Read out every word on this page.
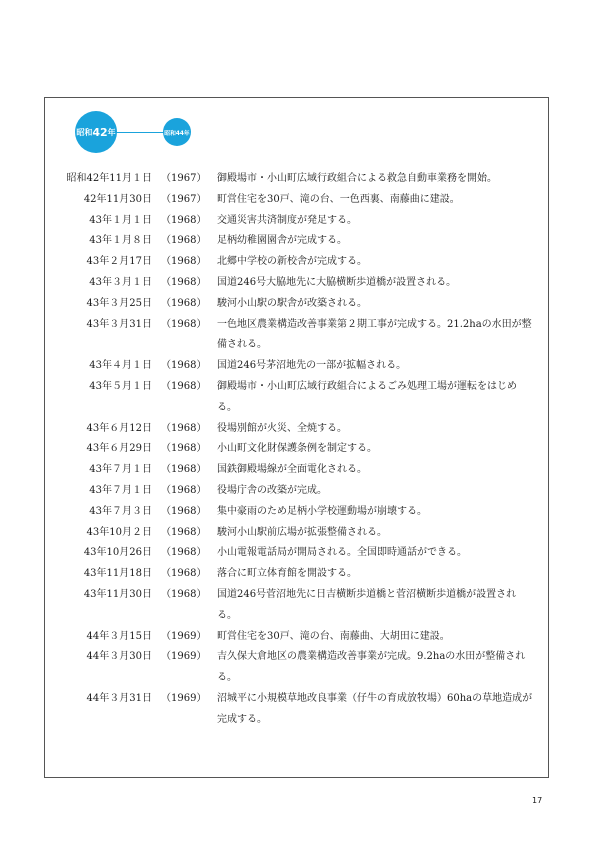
昭和 42 年	昭和44年
昭和42年11月１日 （1967） 御殿場市・小山町広域行政組合による救急自動車業務を開始。
42年11月30日 （1967） 町営住宅を30戸、滝の台、一色西裏、南藤曲に建設。
43年１月１日 （1968） 交通災害共済制度が発足する。
43年１月８日 （1968） 足柄幼稚園園舎が完成する。
43年２月17日 （1968） 北郷中学校の新校舎が完成する。
43年３月１日 （1968） 国道246号大脇地先に大脇横断歩道橋が設置される。
43年３月25日 （1968） 駿河小山駅の駅舎が改築される。
43年３月31日 （1968） 一色地区農業構造改善事業第２期工事が完成する。21.2haの水田が整備される。
43年４月１日 （1968） 国道246号茅沼地先の一部が拡幅される。
43年５月１日 （1968） 御殿場市・小山町広域行政組合によるごみ処理工場が運転をはじめる。
43年６月12日 （1968） 役場別館が火災、全焼する。
43年６月29日 （1968） 小山町文化財保護条例を制定する。
43年７月１日 （1968） 国鉄御殿場線が全面電化される。
43年７月１日 （1968） 役場庁舎の改築が完成。
43年７月３日 （1968） 集中豪雨のため足柄小学校運動場が崩壊する。
43年10月２日 （1968） 駿河小山駅前広場が拡張整備される。
43年10月26日 （1968） 小山電報電話局が開局される。全国即時通話ができる。
43年11月18日 （1968） 落合に町立体育館を開設する。
43年11月30日 （1968） 国道246号菅沼地先に日吉横断歩道橋と菅沼横断歩道橋が設置される。
44年３月15日 （1969） 町営住宅を30戸、滝の台、南藤曲、大胡田に建設。
44年３月30日 （1969） 吉久保大倉地区の農業構造改善事業が完成。9.2haの水田が整備される。
44年３月31日 （1969） 沼城平に小規模草地改良事業（仔牛の育成放牧場）60haの草地造成が完成する。
17
